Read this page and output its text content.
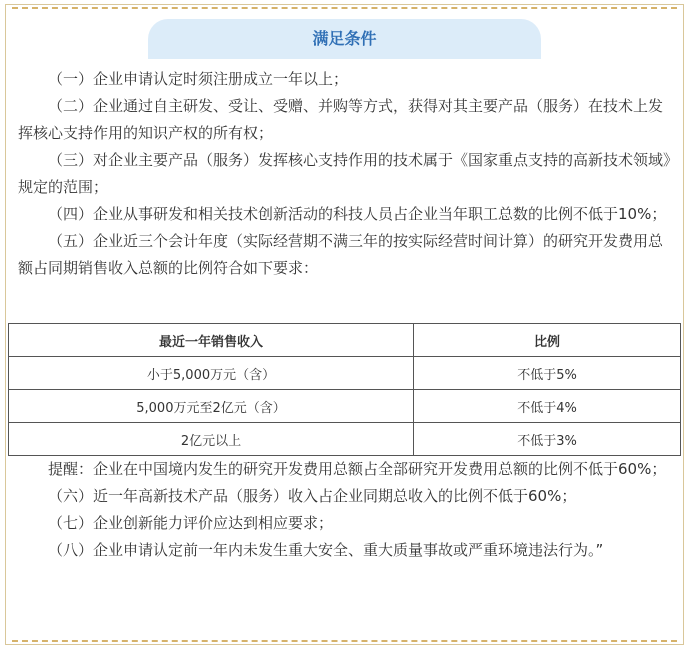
满足条件

（一）企业申请认定时须注册成立一年以上；

（二）企业通过自主研发、受让、受赠、并购等方式，获得对其主要产品（服务）在技术上发挥核心支持作用的知识产权的所有权；

（三）对企业主要产品（服务）发挥核心支持作用的技术属于《国家重点支持的高新技术领域》规定的范围；

（四）企业从事研发和相关技术创新活动的科技人员占企业当年职工总数的比例不低于10%；

（五）企业近三个会计年度（实际经营期不满三年的按实际经营时间计算）的研究开发费用总额占同期销售收入总额的比例符合如下要求：

最近一年销售收入	比例
小于5,000万元（含）	不低于5%
5,000万元至2亿元（含）	不低于4%
2亿元以上	不低于3%

提醒：企业在中国境内发生的研究开发费用总额占全部研究开发费用总额的比例不低于60%；

（六）近一年高新技术产品（服务）收入占企业同期总收入的比例不低于60%；

（七）企业创新能力评价应达到相应要求；

（八）企业申请认定前一年内未发生重大安全、重大质量事故或严重环境违法行为。”
